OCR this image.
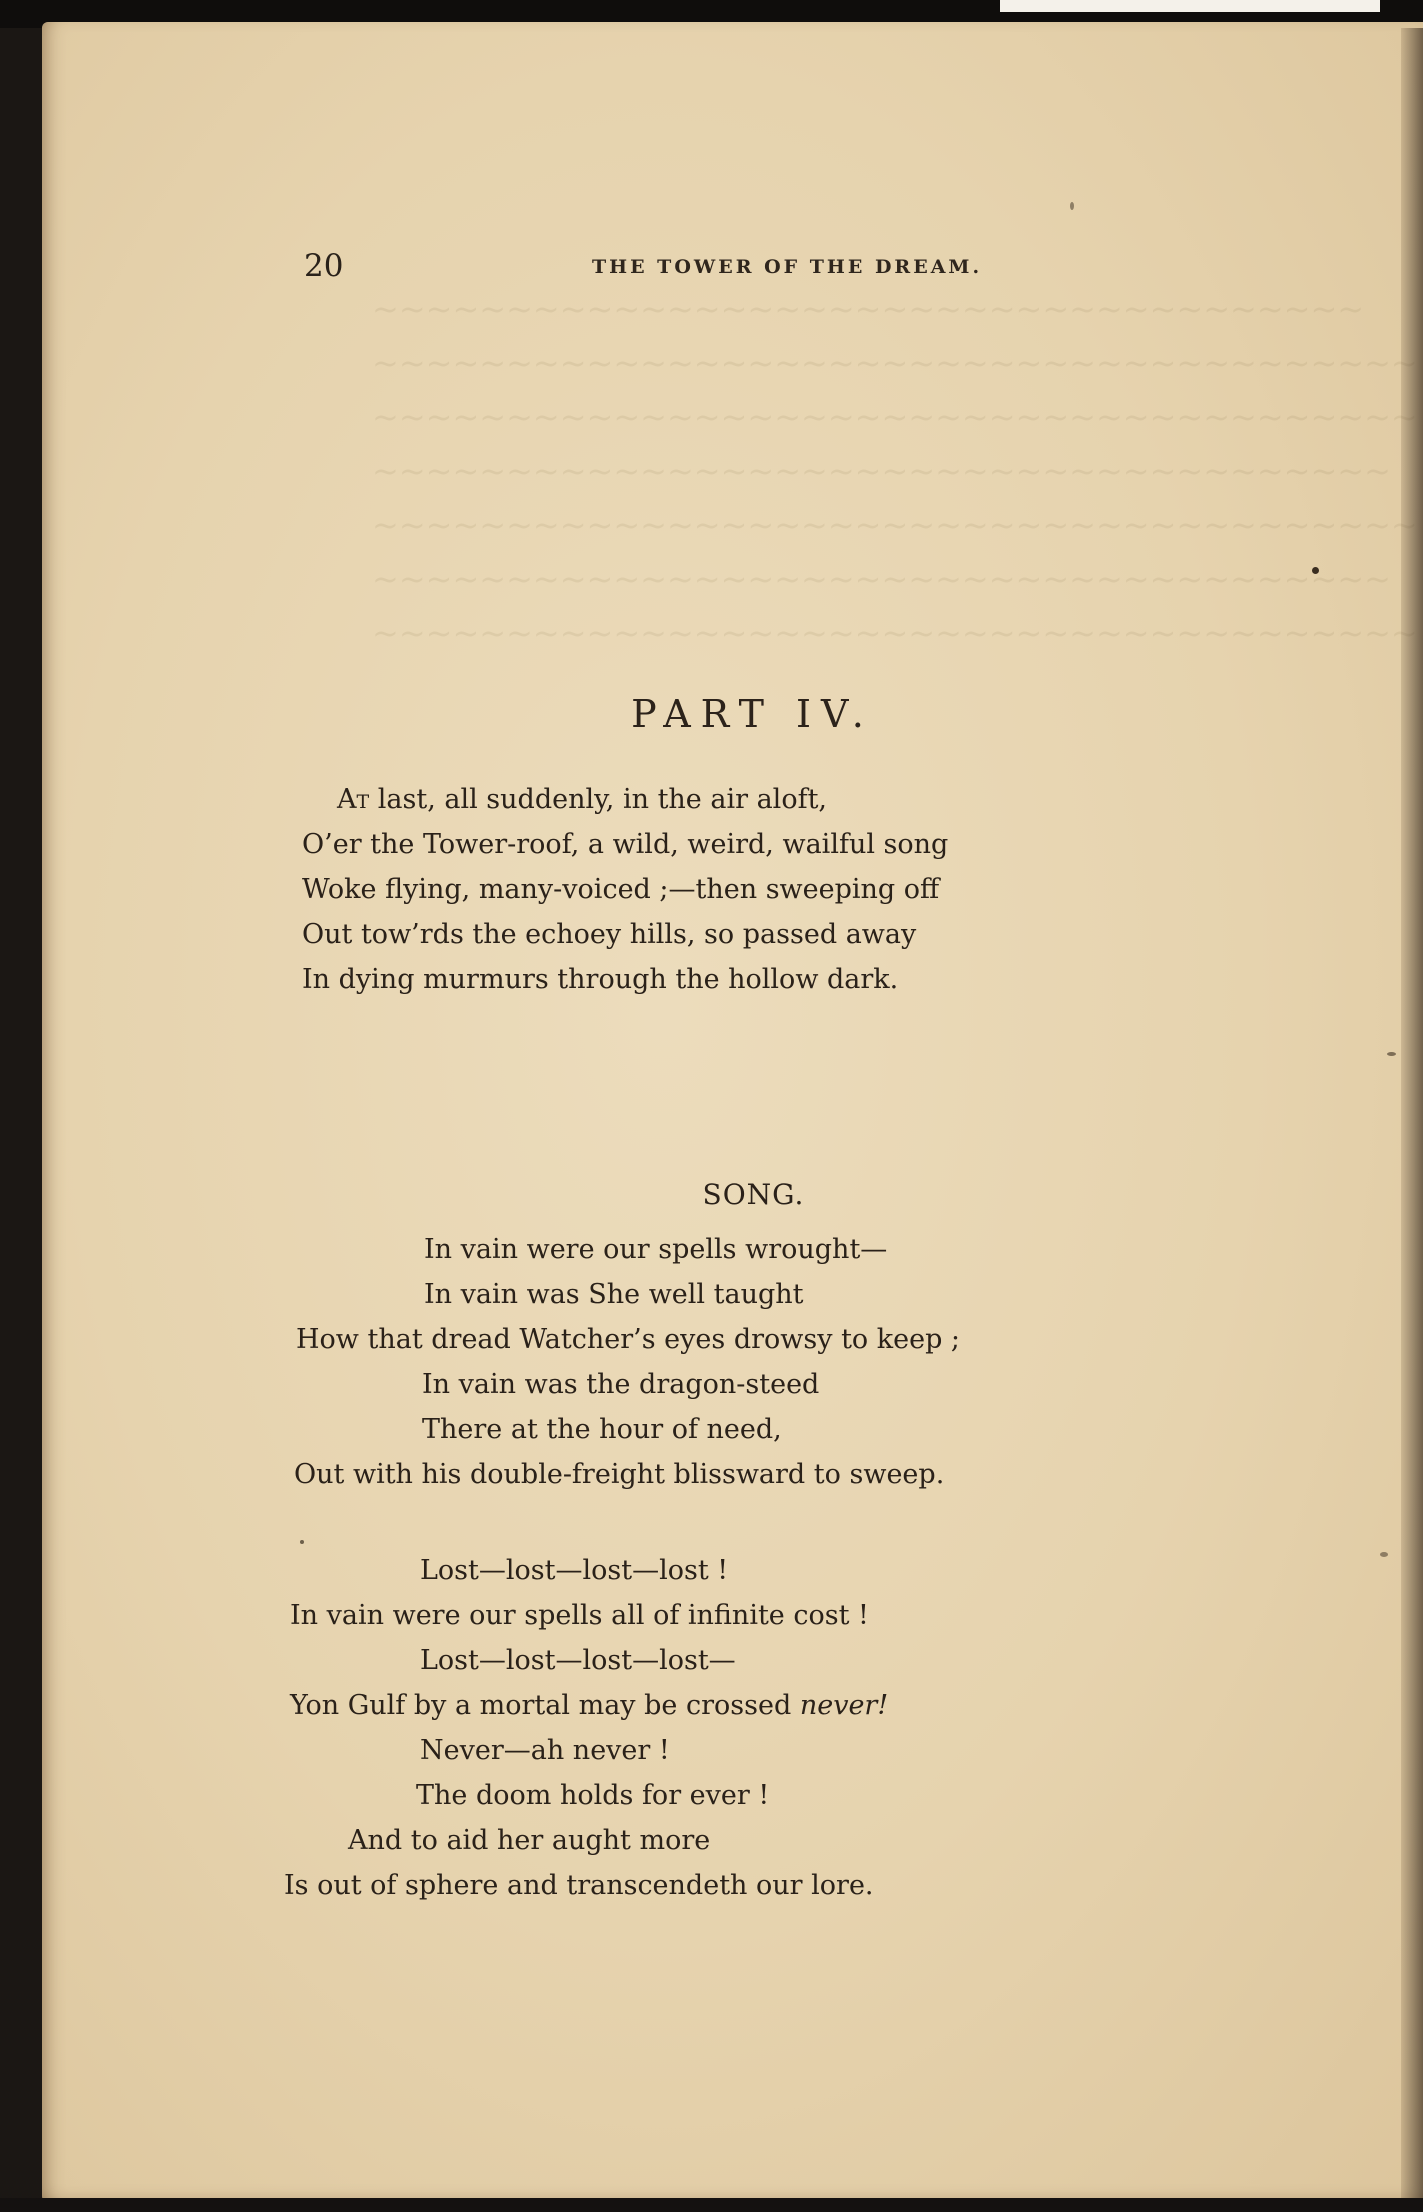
~~~~~~~~~~~~~~~~~~~~~~~~~~~~~~~~~~~~~
~~~~~~~~~~~~~~~~~~~~~~~~~~~~~~~~~~~~~~~
~~~~~~~~~~~~~~~~~~~~~~~~~~~~~~~~~~~~~~~
~~~~~~~~~~~~~~~~~~~~~~~~~~~~~~~~~~~~~~
~~~~~~~~~~~~~~~~~~~~~~~~~~~~~~~~~~~~~~~
~~~~~~~~~~~~~~~~~~~~~~~~~~~~~~~~~~~~~~
~~~~~~~~~~~~~~~~~~~~~~~~~~~~~~~~~~~~~~~
20	THE TOWER OF THE DREAM.
PART IV.
At last, all suddenly, in the air aloft,
O’er the Tower-roof, a wild, weird, wailful song
Woke flying, many-voiced ;—then sweeping off
Out tow’rds the echoey hills, so passed away
In dying murmurs through the hollow dark.
SONG.
In vain were our spells wrought—
In vain was She well taught
How that dread Watcher’s eyes drowsy to keep ;
In vain was the dragon-steed
There at the hour of need,
Out with his double-freight blissward to sweep.
Lost—lost—lost—lost !
In vain were our spells all of infinite cost !
Lost—lost—lost—lost—
Yon Gulf by a mortal may be crossed never!
Never—ah never !
The doom holds for ever !
And to aid her aught more
Is out of sphere and transcendeth our lore.
